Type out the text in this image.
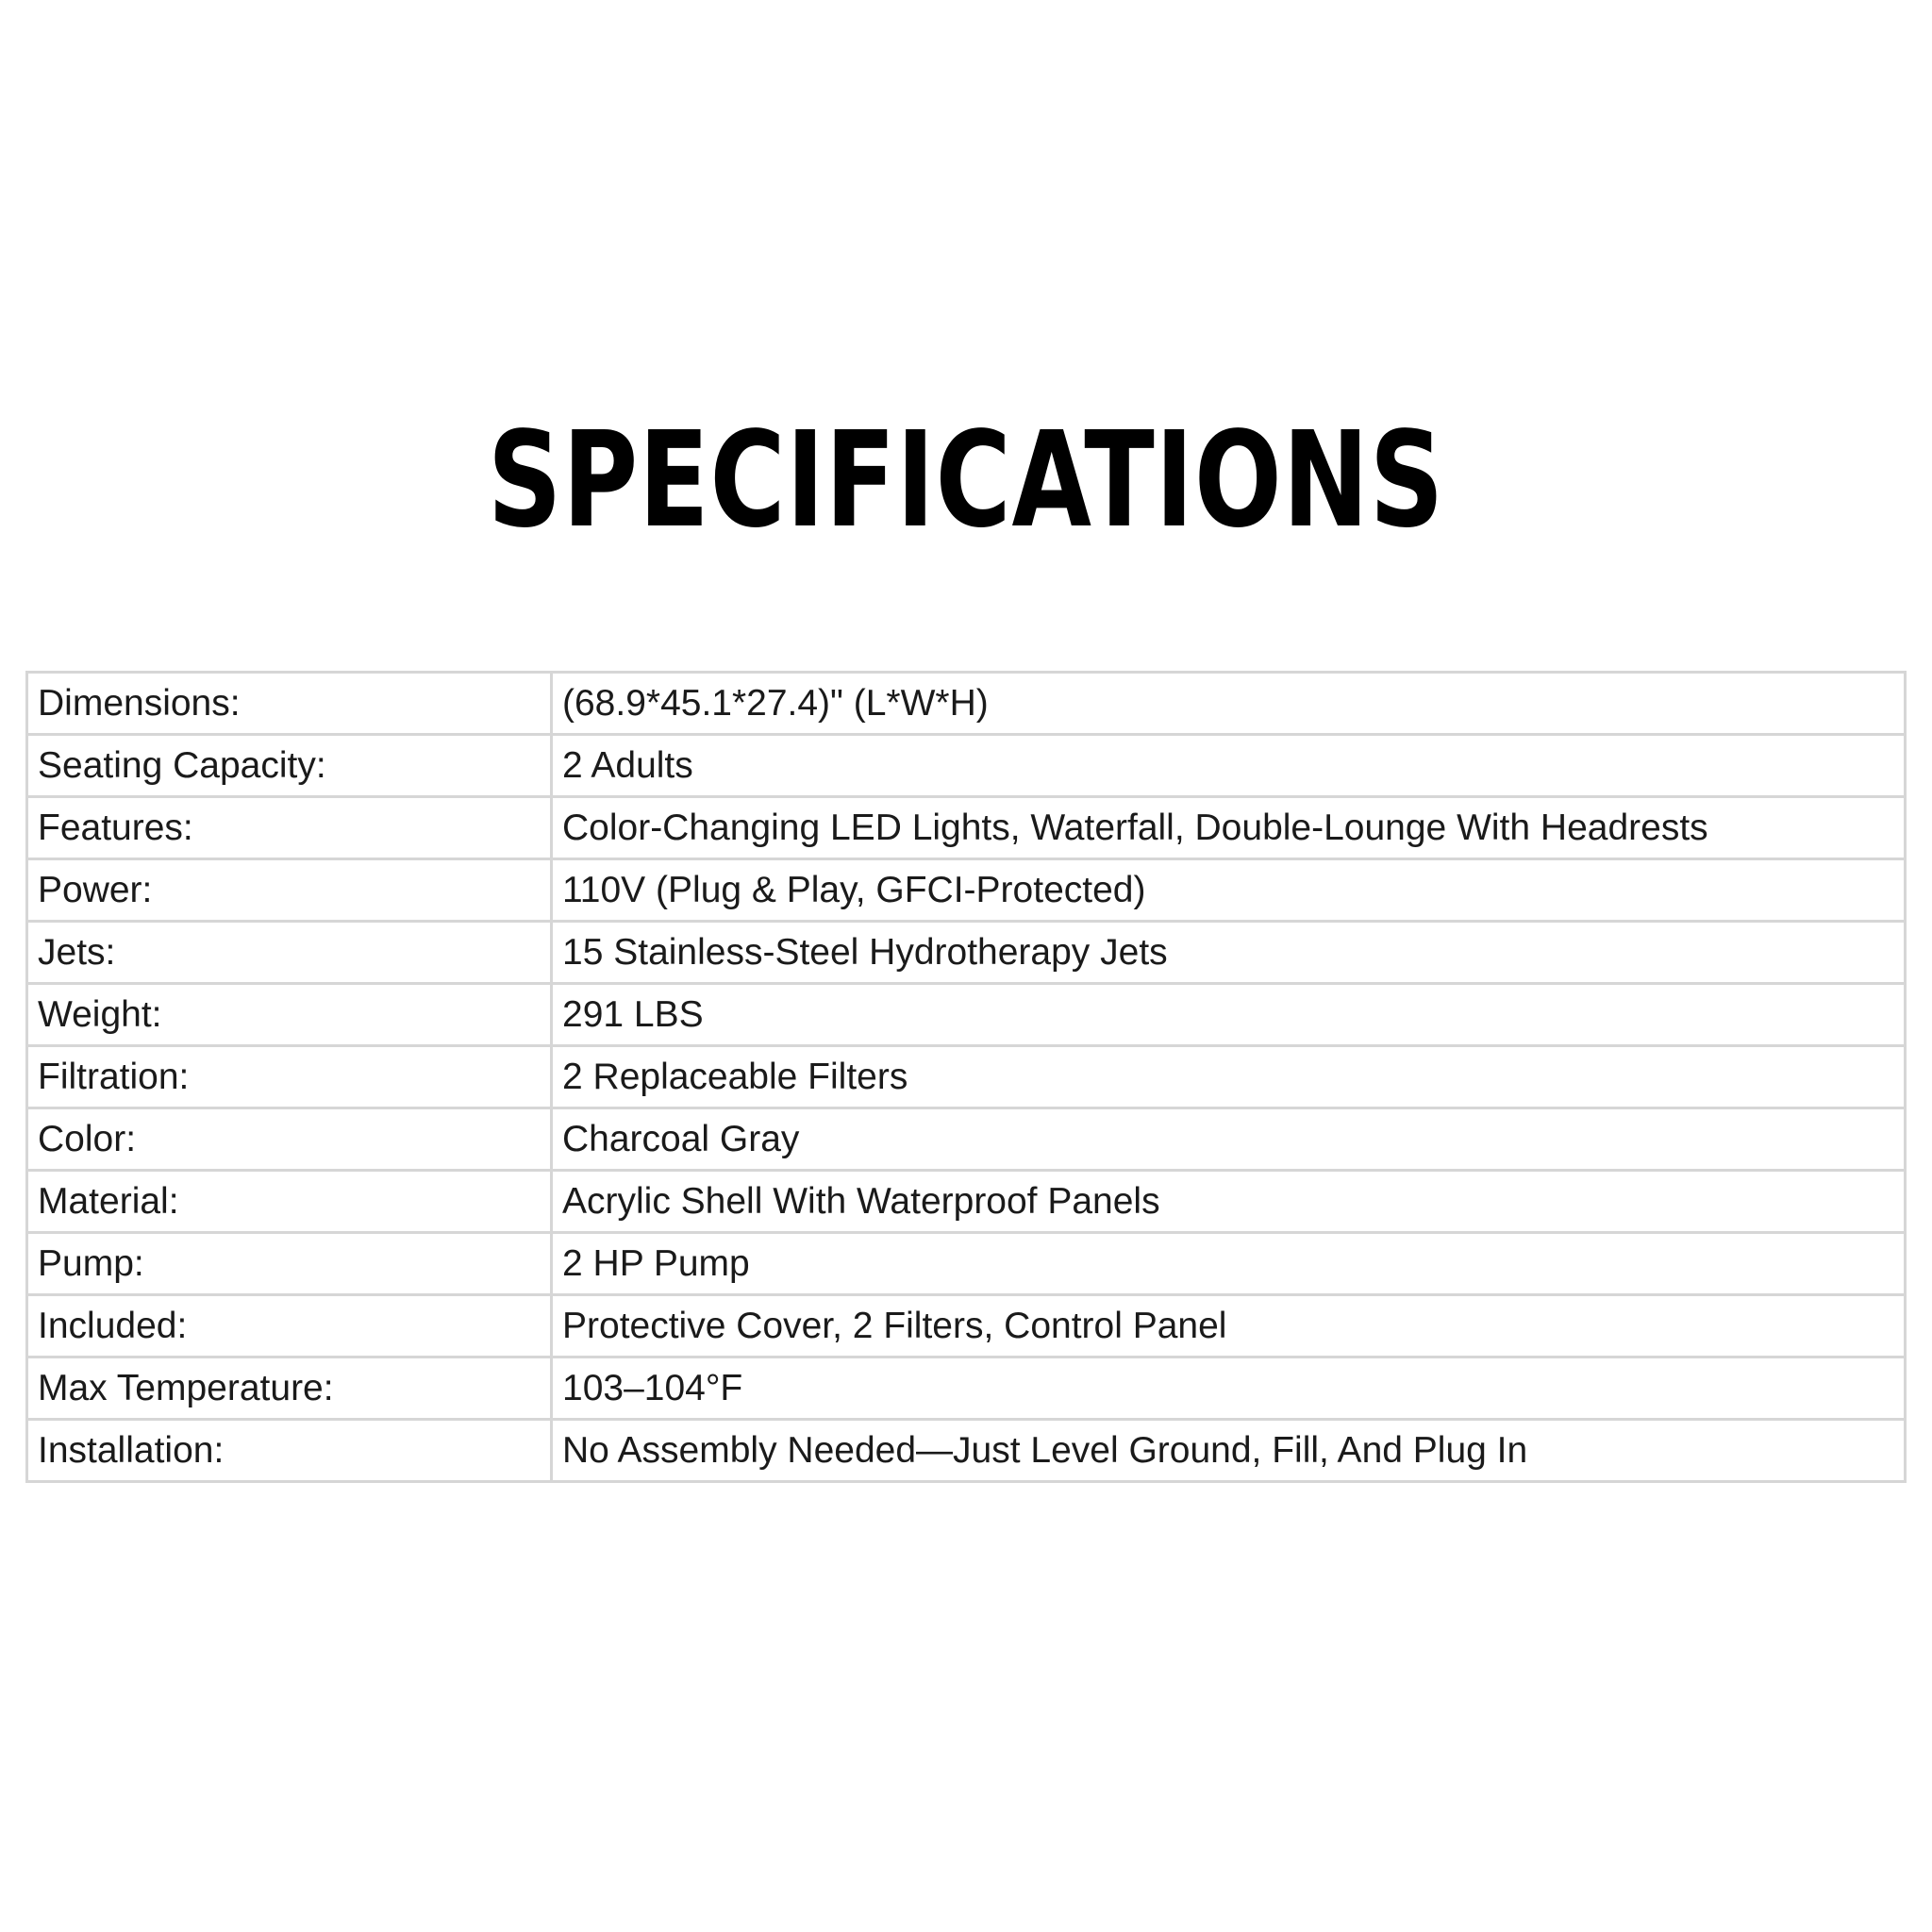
SPECIFICATIONS
Dimensions:	(68.9*45.1*27.4)" (L*W*H)
Seating Capacity:	2 Adults
Features:	Color-Changing LED Lights, Waterfall, Double-Lounge With Headrests
Power:	110V (Plug & Play, GFCI-Protected)
Jets:	15 Stainless-Steel Hydrotherapy Jets
Weight:	291 LBS
Filtration:	2 Replaceable Filters
Color:	Charcoal Gray
Material:	Acrylic Shell With Waterproof Panels
Pump:	2 HP Pump
Included:	Protective Cover, 2 Filters, Control Panel
Max Temperature:	103–104°F
Installation:	No Assembly Needed—Just Level Ground, Fill, And Plug In
